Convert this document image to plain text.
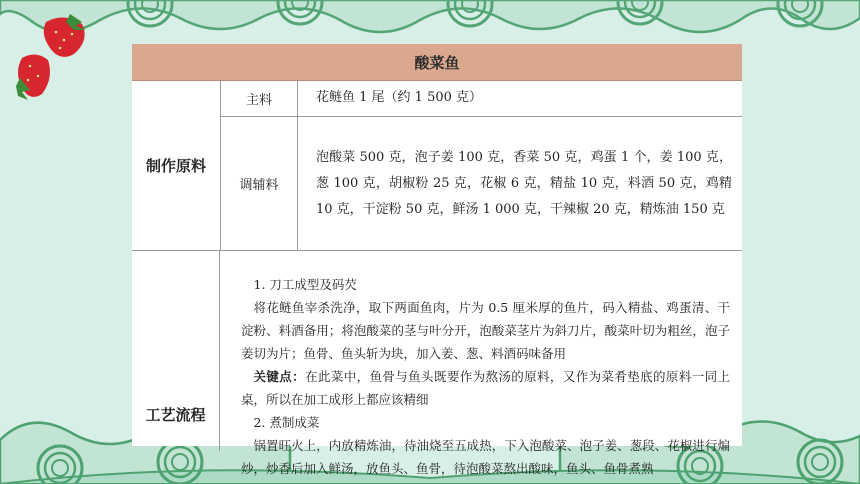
酸菜鱼
制作原料
主料	花鲢鱼 1 尾（约 1 500 克）
调辅料
泡酸菜 500 克，泡子姜 100 克，香菜 50 克，鸡蛋 1 个，姜 100 克，葱 100 克，胡椒粉 25 克，花椒 6 克，精盐 10 克，料酒 50 克，鸡精 10 克，干淀粉 50 克，鲜汤 1 000 克，干辣椒 20 克，精炼油 150 克
工艺流程

1. 刀工成型及码芡

将花鲢鱼宰杀洗净，取下两面鱼肉，片为 0.5 厘米厚的鱼片，码入精盐、鸡蛋清、干淀粉、料酒备用；将泡酸菜的茎与叶分开，泡酸菜茎片为斜刀片，酸菜叶切为粗丝，泡子姜切为片；鱼骨、鱼头斩为块，加入姜、葱、料酒码味备用

关键点：在此菜中，鱼骨与鱼头既要作为熬汤的原料，又作为菜肴垫底的原料一同上桌，所以在加工成形上都应该精细

2. 煮制成菜

锅置旺火上，内放精炼油，待油烧至五成热，下入泡酸菜、泡子姜、葱段、花椒进行煸炒，炒香后加入鲜汤，放鱼头、鱼骨，待泡酸菜熬出酸味，鱼头、鱼骨煮熟
